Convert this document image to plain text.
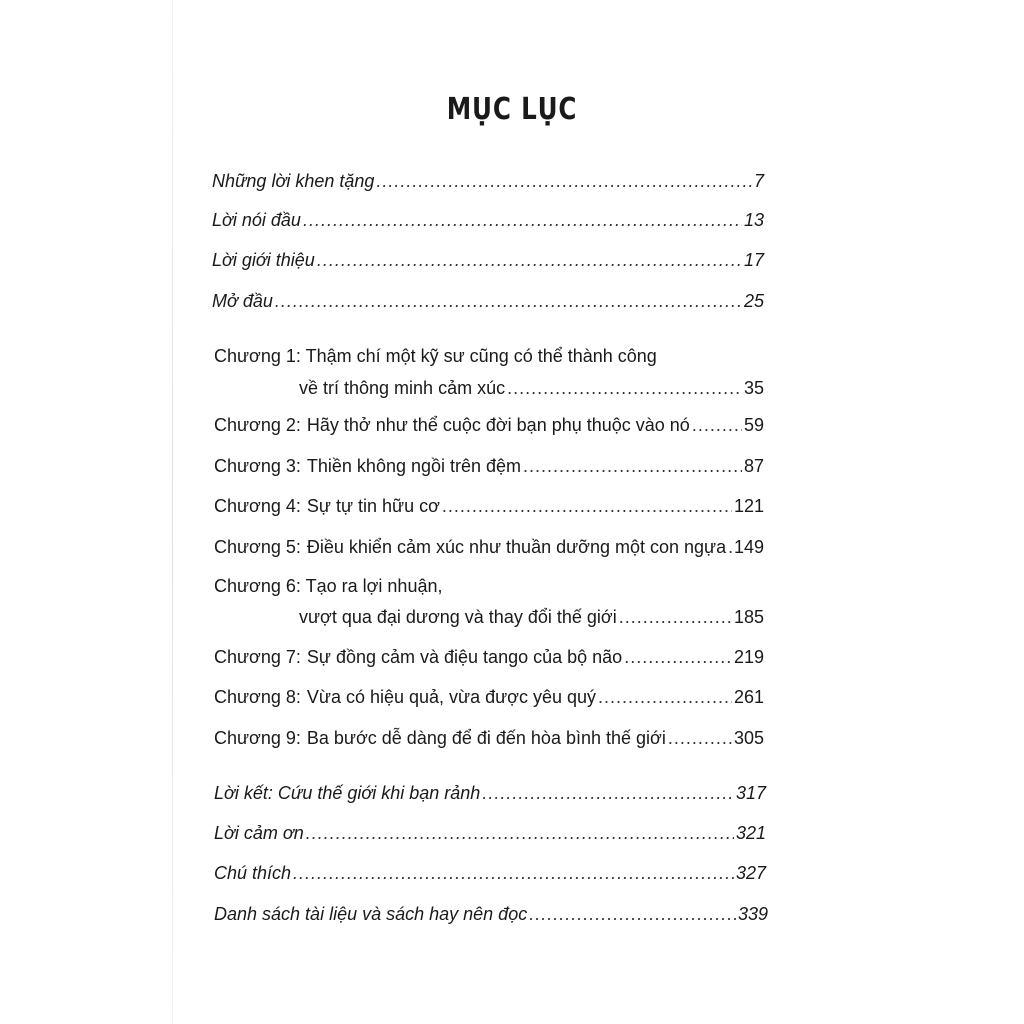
MỤC LỤC
Những lời khen tặng .....	7
Lời nói đầu .....	13
Lời giới thiệu .....	17
Mở đầu .....	25
Chương 1: Thậm chí một kỹ sư cũng có thể thành công
về trí thông minh cảm xúc .....	35
Chương 2: Hãy thở như thể cuộc đời bạn phụ thuộc vào nó .....	59
Chương 3: Thiền không ngồi trên đệm .....	87
Chương 4: Sự tự tin hữu cơ .....	121
Chương 5: Điều khiển cảm xúc như thuần dưỡng một con ngựa ..... 149
Chương 6: Tạo ra lợi nhuận,
vượt qua đại dương và thay đổi thế giới .....	185
Chương 7: Sự đồng cảm và điệu tango của bộ não .....	219
Chương 8: Vừa có hiệu quả, vừa được yêu quý .....	261
Chương 9: Ba bước dễ dàng để đi đến hòa bình thế giới .....	305
Lời kết: Cứu thế giới khi bạn rảnh .....	317
Lời cảm ơn .....	321
Chú thích .....	327
Danh sách tài liệu và sách hay nên đọc .....	339
